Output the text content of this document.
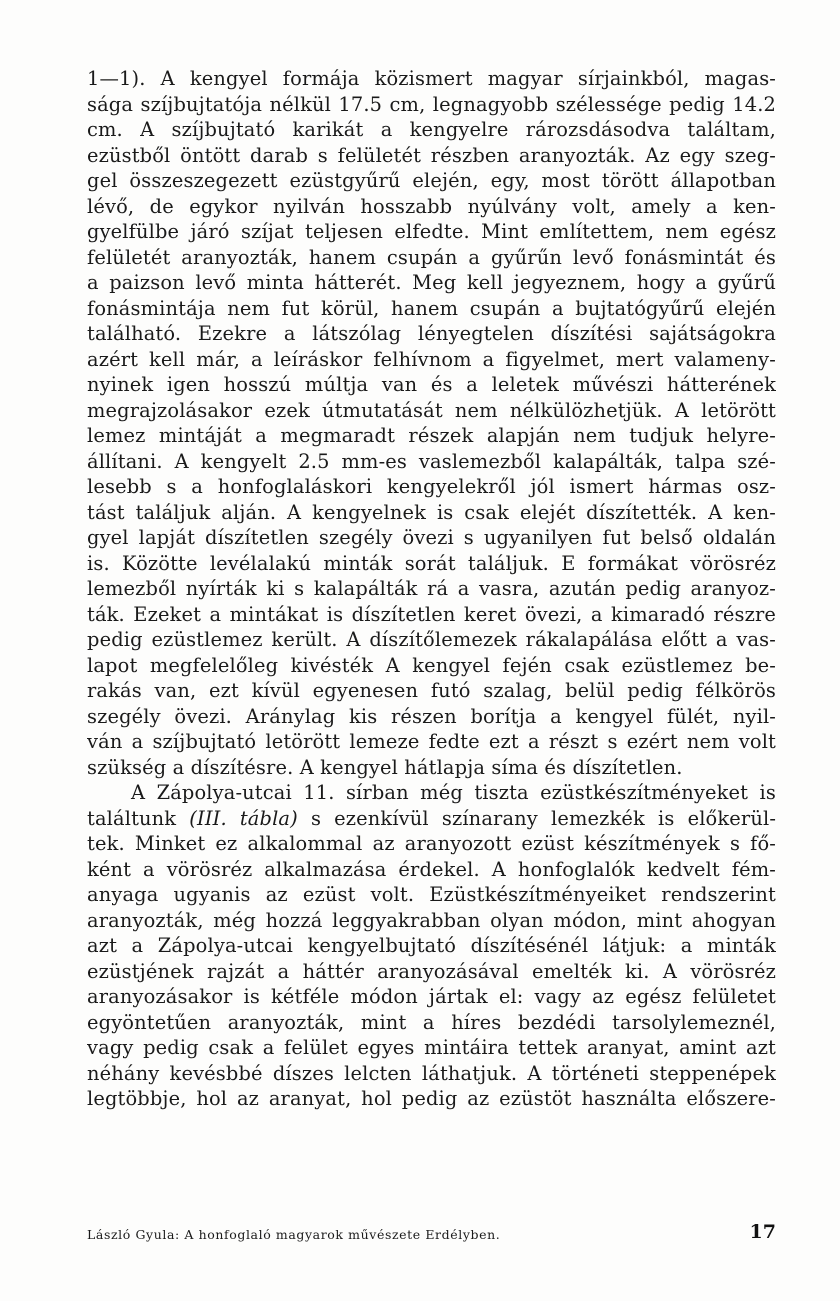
1—1). A kengyel formája közismert magyar sírjainkból, magas-
sága szíjbujtatója nélkül 17.5 cm, legnagyobb szélessége pedig 14.2
cm. A szíjbujtató karikát a kengyelre rározsdásodva találtam,
ezüstből öntött darab s felületét részben aranyozták. Az egy szeg-
gel összeszegezett ezüstgyűrű elején, egy, most törött állapotban
lévő, de egykor nyilván hosszabb nyúlvány volt, amely a ken-
gyelfülbe járó szíjat teljesen elfedte. Mint említettem, nem egész
felületét aranyozták, hanem csupán a gyűrűn levő fonásmintát és
a paizson levő minta hátterét. Meg kell jegyeznem, hogy a gyűrű
fonásmintája nem fut körül, hanem csupán a bujtatógyűrű elején
található. Ezekre a látszólag lényegtelen díszítési sajátságokra
azért kell már, a leíráskor felhívnom a figyelmet, mert valameny-
nyinek igen hosszú múltja van és a leletek művészi hátterének
megrajzolásakor ezek útmutatását nem nélkülözhetjük. A letörött
lemez mintáját a megmaradt részek alapján nem tudjuk helyre-
állítani. A kengyelt 2.5 mm-es vaslemezből kalapálták, talpa szé-
lesebb s a honfoglaláskori kengyelekről jól ismert hármas osz-
tást találjuk alján. A kengyelnek is csak elejét díszítették. A ken-
gyel lapját díszítetlen szegély övezi s ugyanilyen fut belső oldalán
is. Közötte levélalakú minták sorát találjuk. E formákat vörösréz
lemezből nyírták ki s kalapálták rá a vasra, azután pedig aranyoz-
ták. Ezeket a mintákat is díszítetlen keret övezi, a kimaradó részre
pedig ezüstlemez került. A díszítőlemezek rákalapálása előtt a vas-
lapot megfelelőleg kivésték A kengyel fején csak ezüstlemez be-
rakás van, ezt kívül egyenesen futó szalag, belül pedig félkörös
szegély övezi. Aránylag kis részen borítja a kengyel fülét, nyil-
ván a szíjbujtató letörött lemeze fedte ezt a részt s ezért nem volt
szükség a díszítésre. A kengyel hátlapja síma és díszítetlen.
A Zápolya-utcai 11. sírban még tiszta ezüstkészítményeket is
találtunk (III. tábla) s ezenkívül színarany lemezkék is előkerül-
tek. Minket ez alkalommal az aranyozott ezüst készítmények s fő-
ként a vörösréz alkalmazása érdekel. A honfoglalók kedvelt fém-
anyaga ugyanis az ezüst volt. Ezüstkészítményeiket rendszerint
aranyozták, még hozzá leggyakrabban olyan módon, mint ahogyan
azt a Zápolya-utcai kengyelbujtató díszítésénél látjuk: a minták
ezüstjének rajzát a háttér aranyozásával emelték ki. A vörösréz
aranyozásakor is kétféle módon jártak el: vagy az egész felületet
egyöntetűen aranyozták, mint a híres bezdédi tarsolylemeznél,
vagy pedig csak a felület egyes mintáira tettek aranyat, amint azt
néhány kevésbbé díszes lelcten láthatjuk. A történeti steppenépek
legtöbbje, hol az aranyat, hol pedig az ezüstöt használta előszere-
László Gyula: A honfoglaló magyarok művészete Erdélyben.	17
